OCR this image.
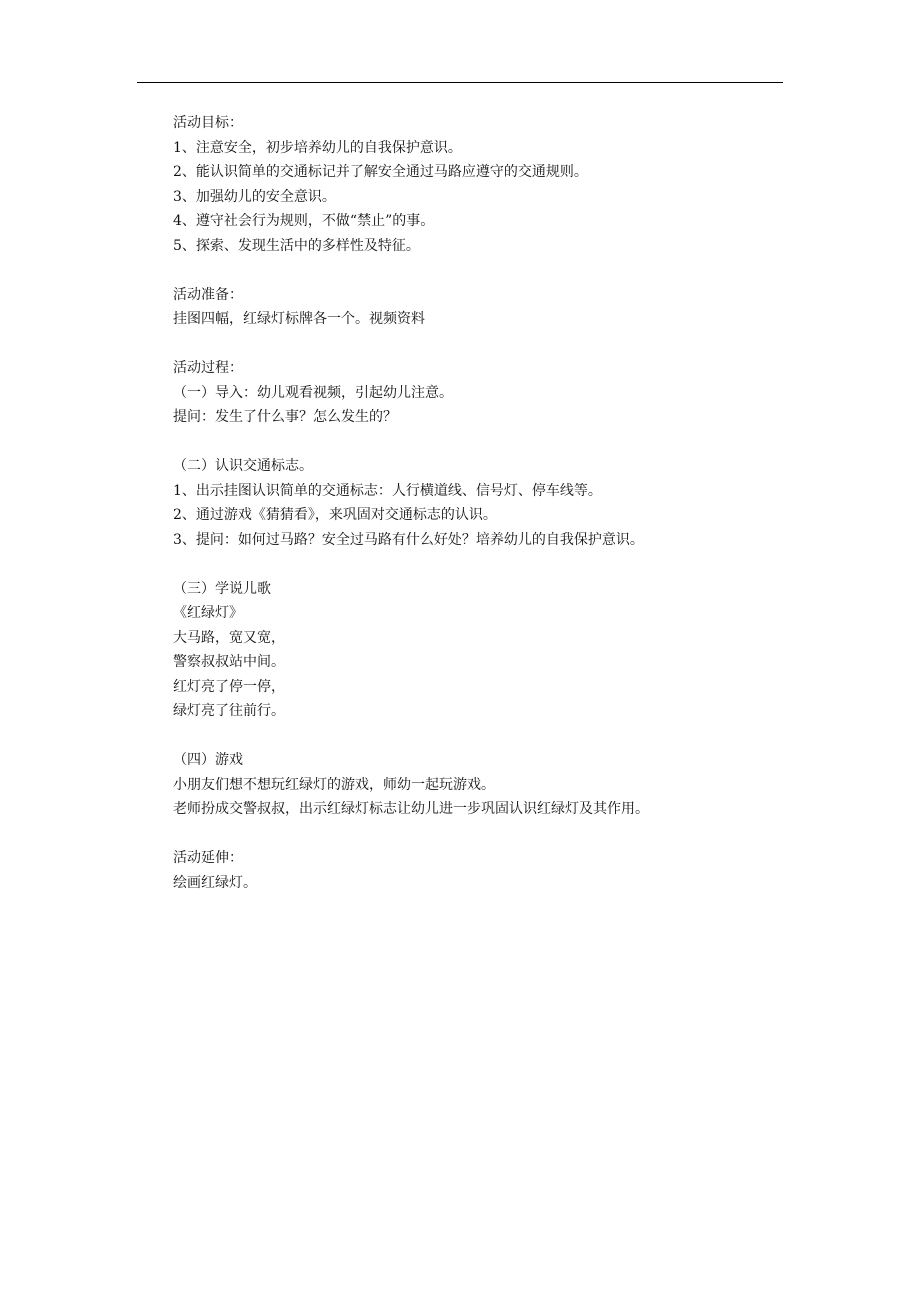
活动目标：
1、注意安全，初步培养幼儿的自我保护意识。
2、能认识简单的交通标记并了解安全通过马路应遵守的交通规则。
3、加强幼儿的安全意识。
4、遵守社会行为规则，不做“禁止”的事。
5、探索、发现生活中的多样性及特征。
活动准备：
挂图四幅，红绿灯标牌各一个。视频资料
活动过程：
（一）导入：幼儿观看视频，引起幼儿注意。
提问：发生了什么事？怎么发生的？
（二）认识交通标志。
1、出示挂图认识简单的交通标志：人行横道线、信号灯、停车线等。
2、通过游戏《猜猜看》，来巩固对交通标志的认识。
3、提问：如何过马路？安全过马路有什么好处？培养幼儿的自我保护意识。
（三）学说儿歌
《红绿灯》
大马路，宽又宽，
警察叔叔站中间。
红灯亮了停一停，
绿灯亮了往前行。
（四）游戏
小朋友们想不想玩红绿灯的游戏，师幼一起玩游戏。
老师扮成交警叔叔，出示红绿灯标志让幼儿进一步巩固认识红绿灯及其作用。
活动延伸：
绘画红绿灯。
